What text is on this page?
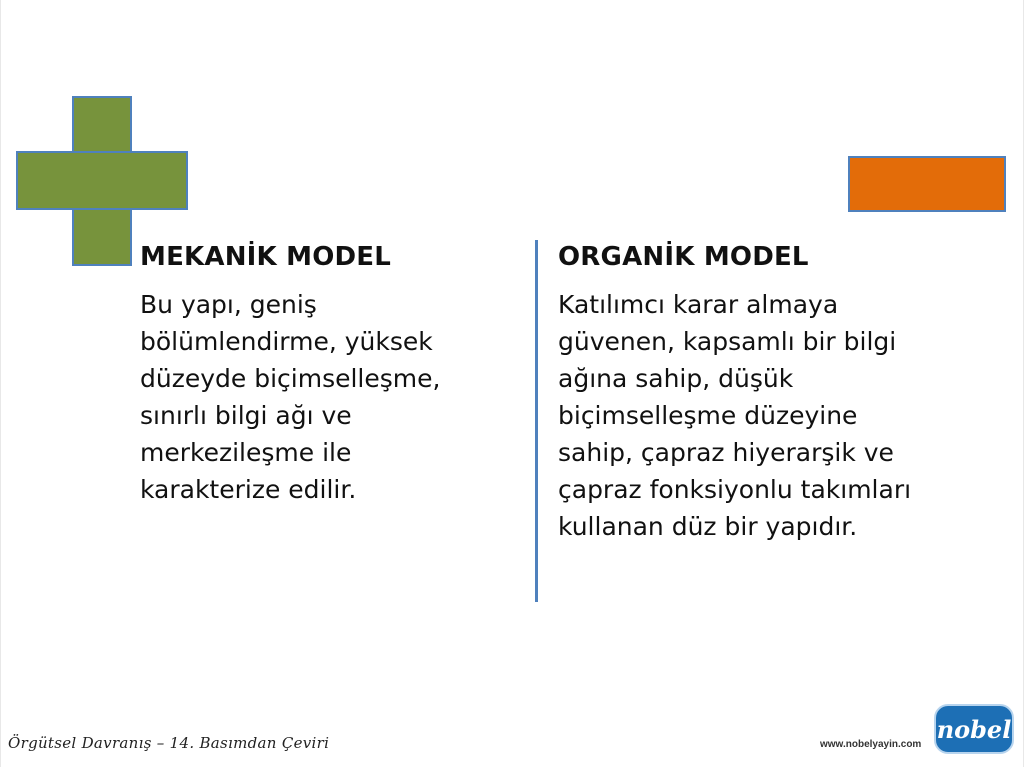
MEKANİK MODEL

Bu yapı, geniş
bölümlendirme, yüksek
düzeyde biçimselleşme,
sınırlı bilgi ağı ve
merkezileşme ile
karakterize edilir.

ORGANİK MODEL

Katılımcı karar almaya
güvenen, kapsamlı bir bilgi
ağına sahip, düşük
biçimselleşme düzeyine
sahip, çapraz hiyerarşik ve
çapraz fonksiyonlu takımları
kullanan düz bir yapıdır.

Örgütsel Davranış – 14. Basımdan Çeviri	www.nobelyayin.com
nobel
